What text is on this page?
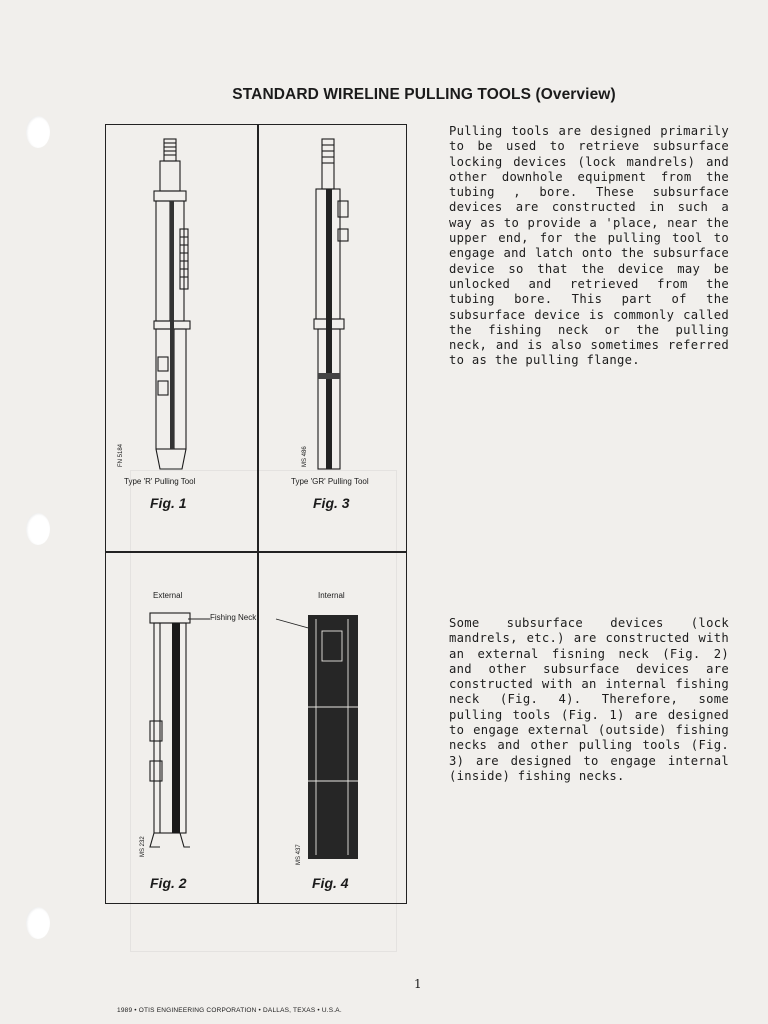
STANDARD WIRELINE PULLING TOOLS (Overview)
FN 5184
Type 'R' Pulling Tool
Fig. 1
MS 486
Type 'GR' Pulling Tool
Fig. 3
External
MS 232
Fig. 2
Fishing Neck
Internal
MS 437
Fig. 4
Pulling tools are designed primarily to be used to retrieve subsurface locking devices (lock mandrels) and other downhole equipment from the tubing , bore. These subsurface devices are constructed in such a way as to provide a 'place, near the upper end, for the pulling tool to engage and latch onto the subsurface device so that the device may be unlocked and retrieved from the tubing bore. This part of the subsurface device is commonly called the fishing neck or the pulling neck, and is also sometimes referred to as the pulling flange.
Some subsurface devices (lock mandrels, etc.) are constructed with an external fisning neck (Fig. 2) and other subsurface devices are constructed with an internal fishing neck (Fig. 4). Therefore, some pulling tools (Fig. 1) are designed to engage external (outside) fishing necks and other pulling tools (Fig. 3) are designed to engage internal (inside) fishing necks.
1
1989 • OTIS ENGINEERING CORPORATION • DALLAS, TEXAS • U.S.A.
